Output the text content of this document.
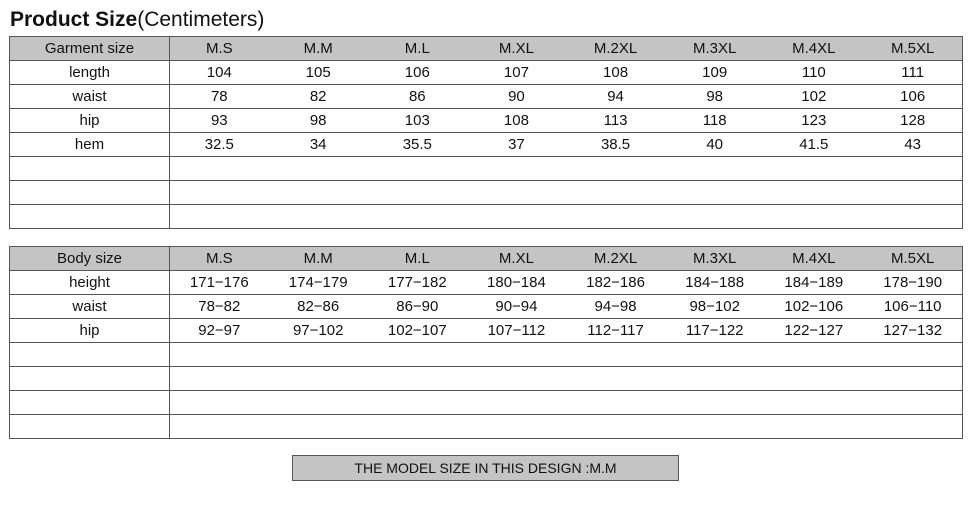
Product Size(Centimeters)
Garment size	M.S	M.M	M.L	M.XL	M.2XL	M.3XL	M.4XL	M.5XL
length	104	105	106	107	108	109	110	111
waist	78	82	86	90	94	98	102	106
hip	93	98	103	108	113	118	123	128
hem	32.5	34	35.5	37	38.5	40	41.5	43

Body size	M.S	M.M	M.L	M.XL	M.2XL	M.3XL	M.4XL	M.5XL
height	171−176	174−179	177−182	180−184	182−186	184−188	184−189	178−190
waist	78−82	82−86	86−90	90−94	94−98	98−102	102−106	106−110
hip	92−97	97−102	102−107	107−112	112−117	117−122	122−127	127−132

THE MODEL SIZE IN THIS DESIGN :M.M
